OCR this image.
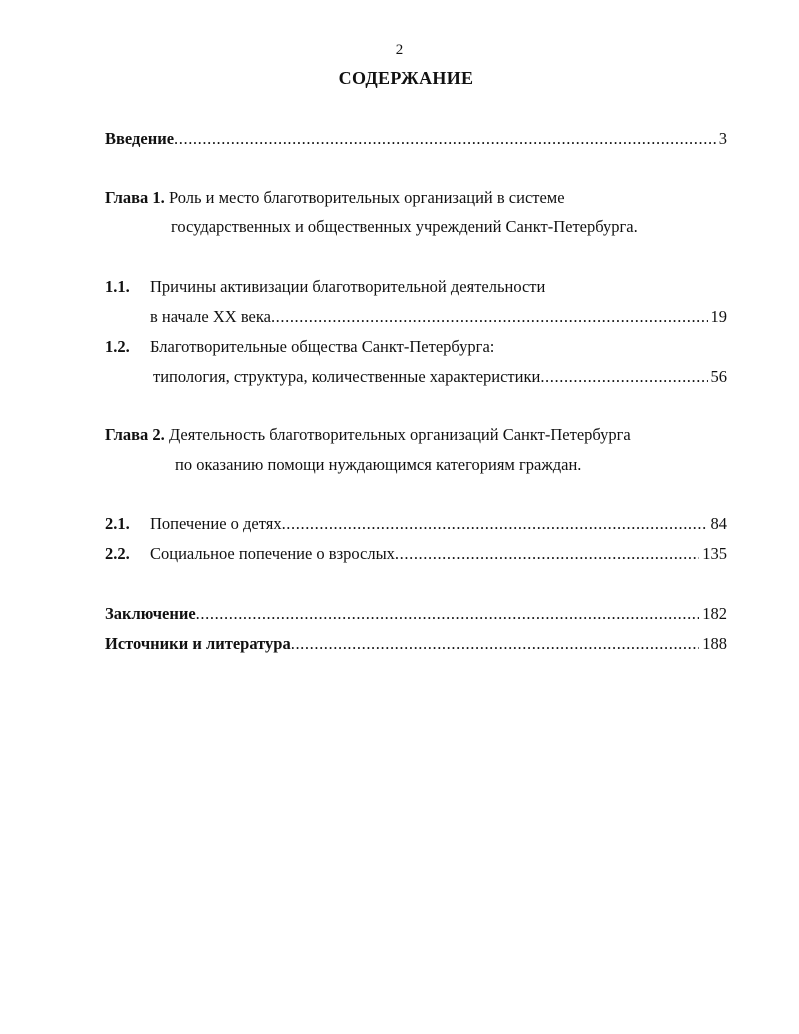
2
СОДЕРЖАНИЕ
Введение .....	3
Глава 1. Роль и место благотворительных организаций в системе
государственных и общественных учреждений Санкт-Петербурга.
1.1. Причины активизации благотворительной деятельности
в начале XX века .....	19
1.2. Благотворительные общества Санкт-Петербурга:
типология, структура, количественные характеристики .....	56
Глава 2. Деятельность благотворительных организаций Санкт-Петербурга
по оказанию помощи нуждающимся категориям граждан.
2.1. Попечение о детях .....	84
2.2. Социальное попечение о взрослых .....	135
Заключение .....	182
Источники и литература .....	188
